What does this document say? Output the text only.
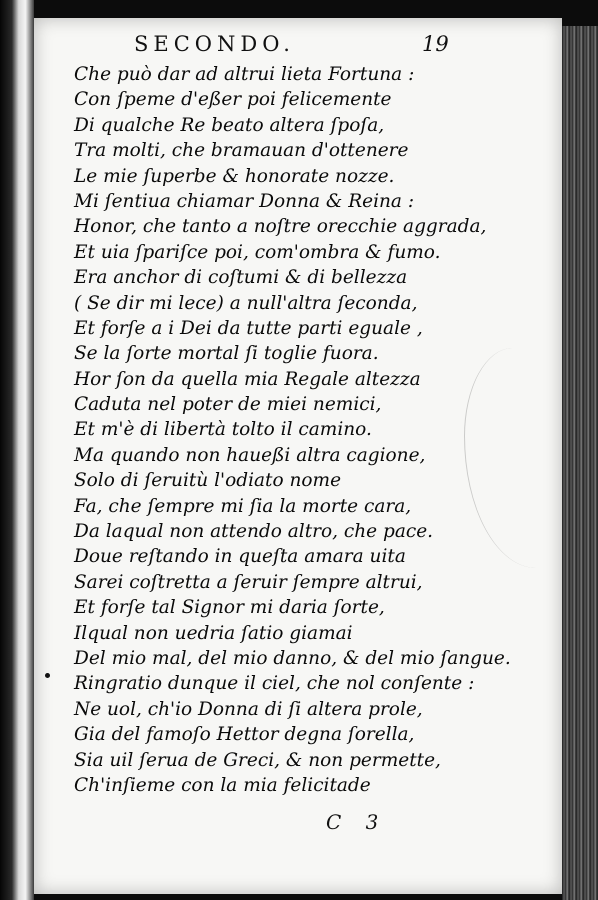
SECONDO.	19
Che può dar ad altrui lieta Fortuna :
Con ſpeme d'eßer poi felicemente
Di qualche Re beato altera ſpoſa,
Tra molti, che bramauan d'ottenere
Le mie ſuperbe & honorate nozze.
Mi ſentiua chiamar Donna & Reina :
Honor, che tanto a noſtre orecchie aggrada,
Et uia ſpariſce poi, com'ombra & fumo.
Era anchor di coſtumi & di bellezza
( Se dir mi lece) a null'altra ſeconda,
Et forſe a i Dei da tutte parti eguale ,
Se la ſorte mortal ſi toglie fuora.
Hor ſon da quella mia Regale altezza
Caduta nel poter de miei nemici,
Et m'è di libertà tolto il camino.
Ma quando non haueßi altra cagione,
Solo di ſeruitù l'odiato nome
Fa, che ſempre mi ſia la morte cara,
Da laqual non attendo altro, che pace.
Doue reſtando in queſta amara uita
Sarei coſtretta a ſeruir ſempre altrui,
Et forſe tal Signor mi daria ſorte,
Ilqual non uedria ſatio giamai
Del mio mal, del mio danno, & del mio ſangue.
Ringratio dunque il ciel, che nol conſente :
Ne uol, ch'io Donna di ſi altera prole,
Gia del famoſo Hettor degna ſorella,
Sia uil ſerua de Greci, & non permette,
Ch'inſieme con la mia felicitade
C 3
